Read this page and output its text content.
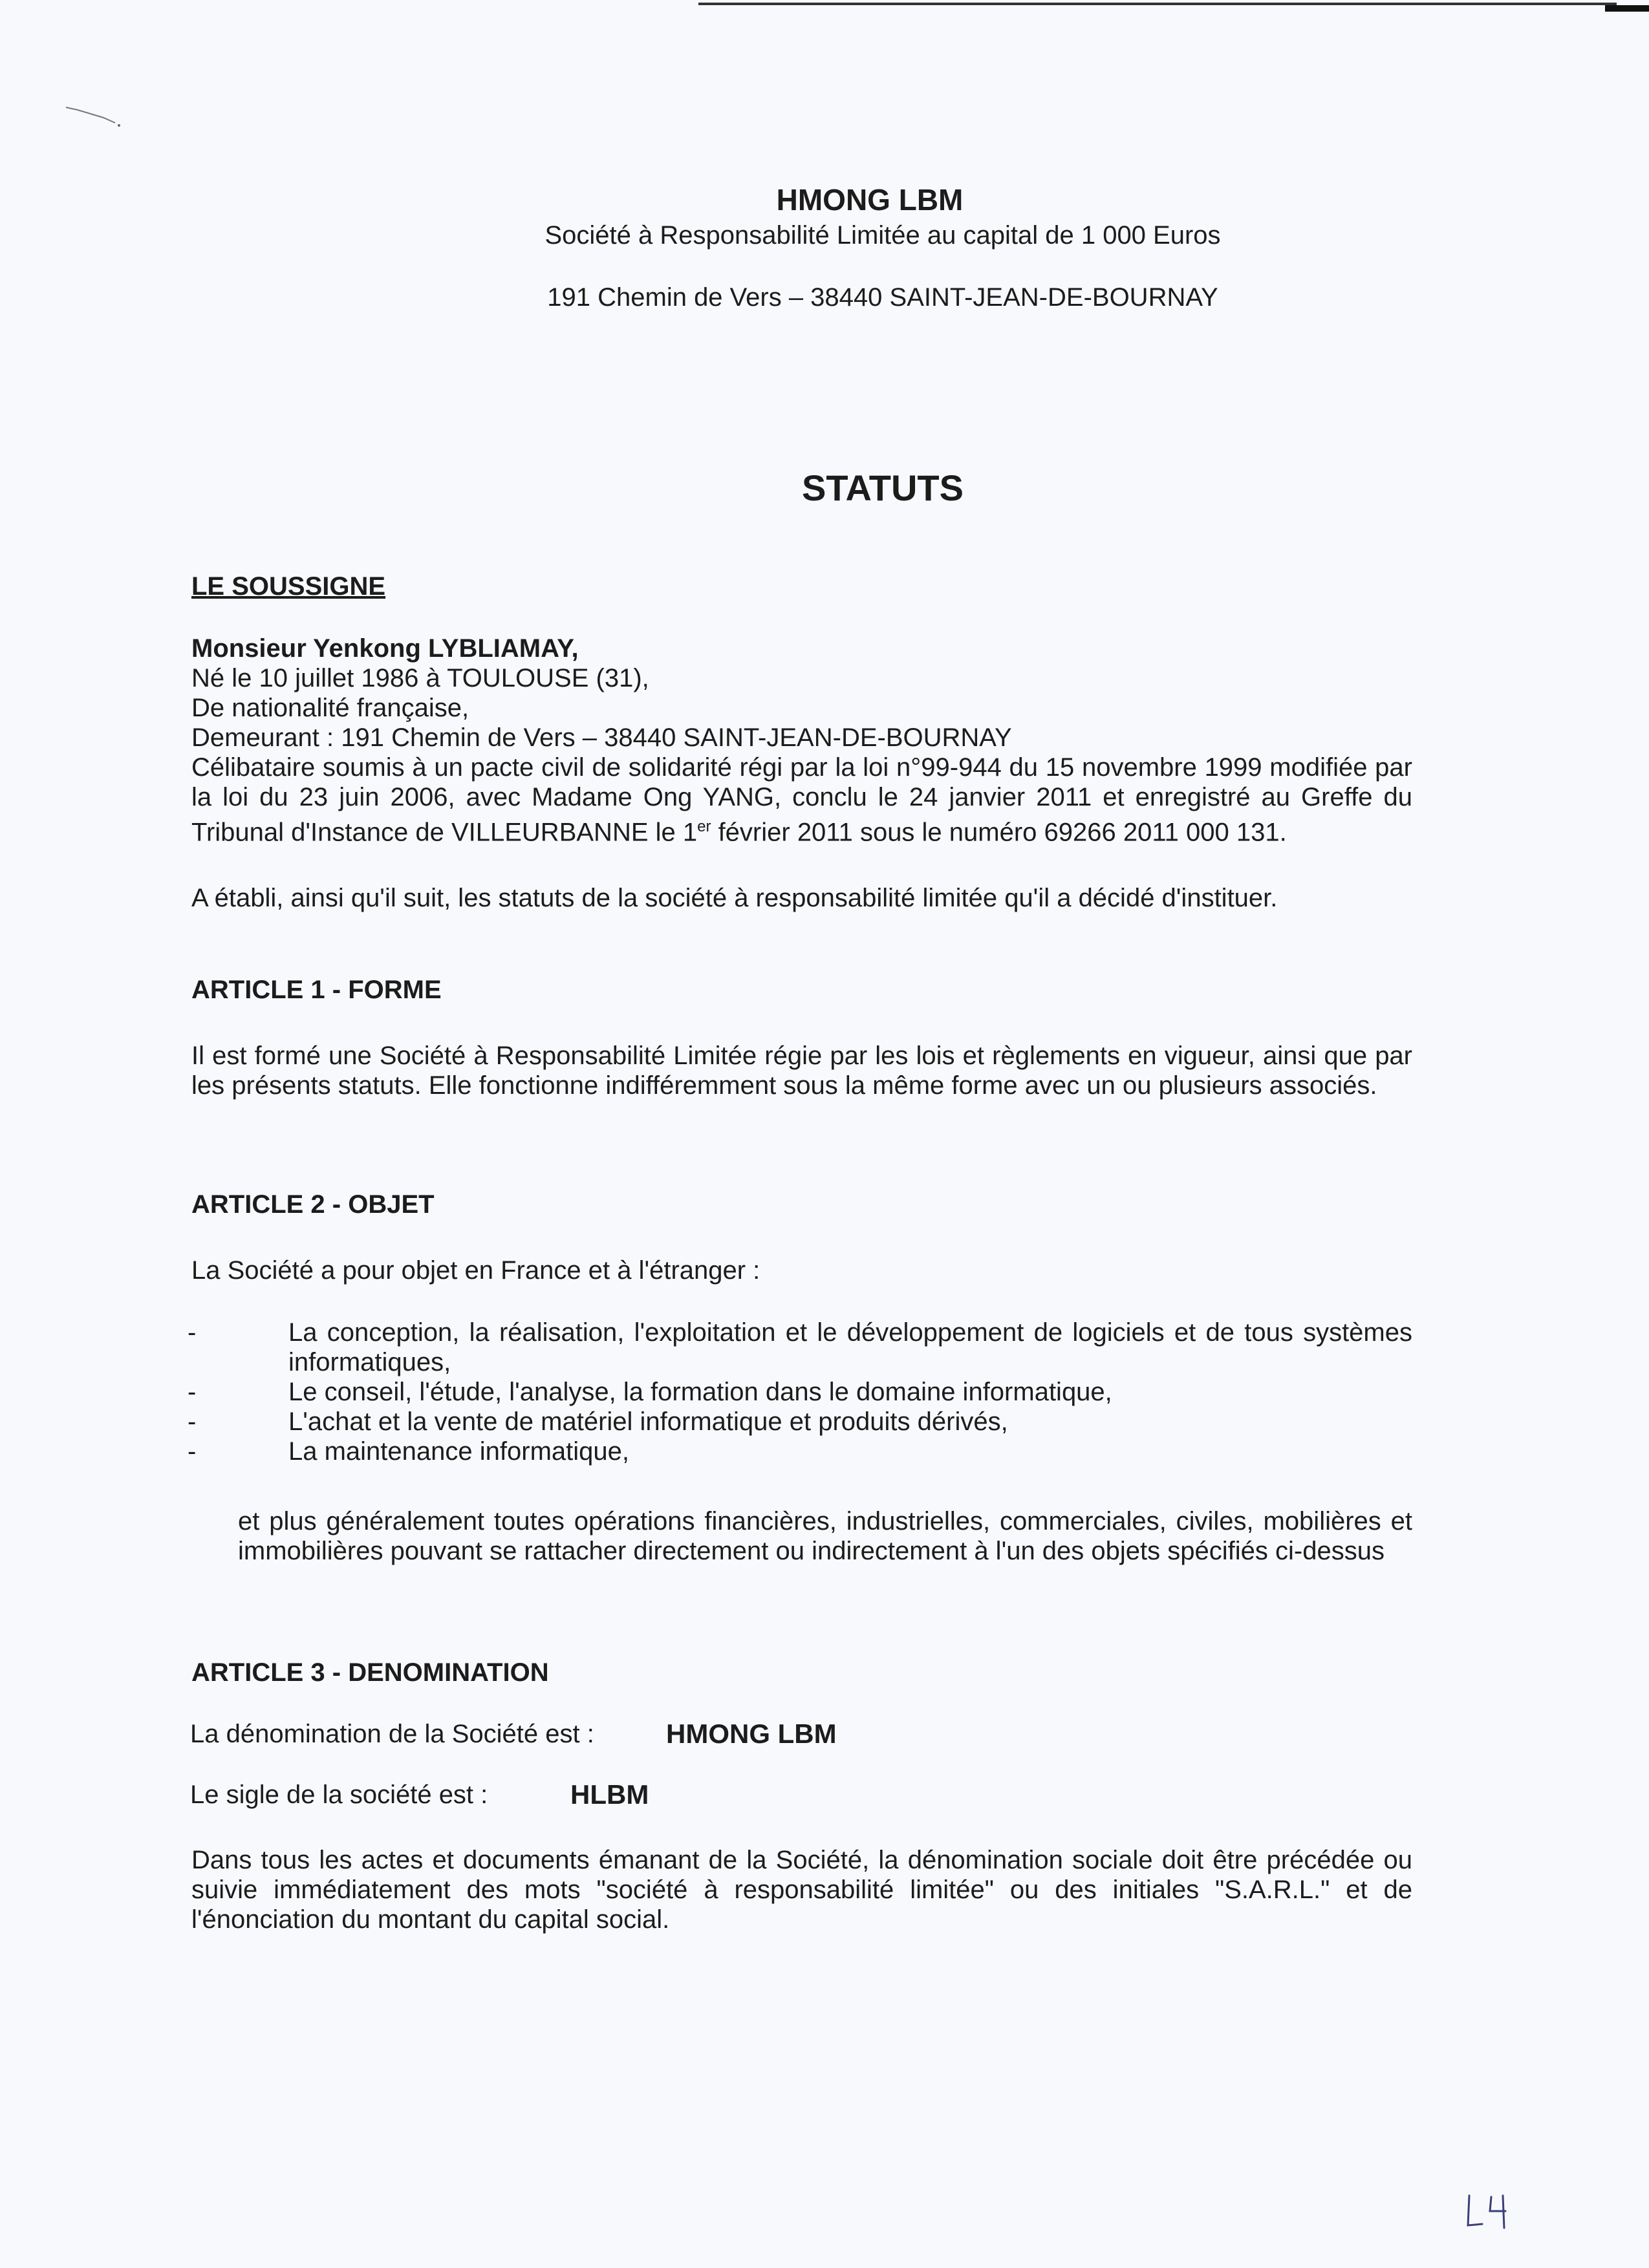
HMONG LBM
Société à Responsabilité Limitée au capital de 1 000 Euros
191 Chemin de Vers – 38440 SAINT-JEAN-DE-BOURNAY
STATUTS
LE SOUSSIGNE
Monsieur Yenkong LYBLIAMAY,
Né le 10 juillet 1986 à TOULOUSE (31),
De nationalité française,
Demeurant : 191 Chemin de Vers – 38440 SAINT-JEAN-DE-BOURNAY
Célibataire soumis à un pacte civil de solidarité régi par la loi n°99-944 du 15 novembre 1999 modifiée par la loi du 23 juin 2006, avec Madame Ong YANG, conclu le 24 janvier 2011 et enregistré au Greffe du Tribunal d'Instance de VILLEURBANNE le 1er février 2011 sous le numéro 69266 2011 000 131.
A établi, ainsi qu'il suit, les statuts de la société à responsabilité limitée qu'il a décidé d'instituer.
ARTICLE 1 - FORME
Il est formé une Société à Responsabilité Limitée régie par les lois et règlements en vigueur, ainsi que par les présents statuts. Elle fonctionne indifféremment sous la même forme avec un ou plusieurs associés.
ARTICLE 2 - OBJET
La Société a pour objet en France et à l'étranger :
-	La conception, la réalisation, l'exploitation et le développement de logiciels et de tous systèmes informatiques,
-	Le conseil, l'étude, l'analyse, la formation dans le domaine informatique,
-	L'achat et la vente de matériel informatique et produits dérivés,
-	La maintenance informatique,
et plus généralement toutes opérations financières, industrielles, commerciales, civiles, mobilières et immobilières pouvant se rattacher directement ou indirectement à l'un des objets spécifiés ci-dessus
ARTICLE 3 - DENOMINATION
La dénomination de la Société est :	HMONG LBM
Le sigle de la société est :	HLBM
Dans tous les actes et documents émanant de la Société, la dénomination sociale doit être précédée ou suivie immédiatement des mots "société à responsabilité limitée" ou des initiales "S.A.R.L." et de l'énonciation du montant du capital social.
